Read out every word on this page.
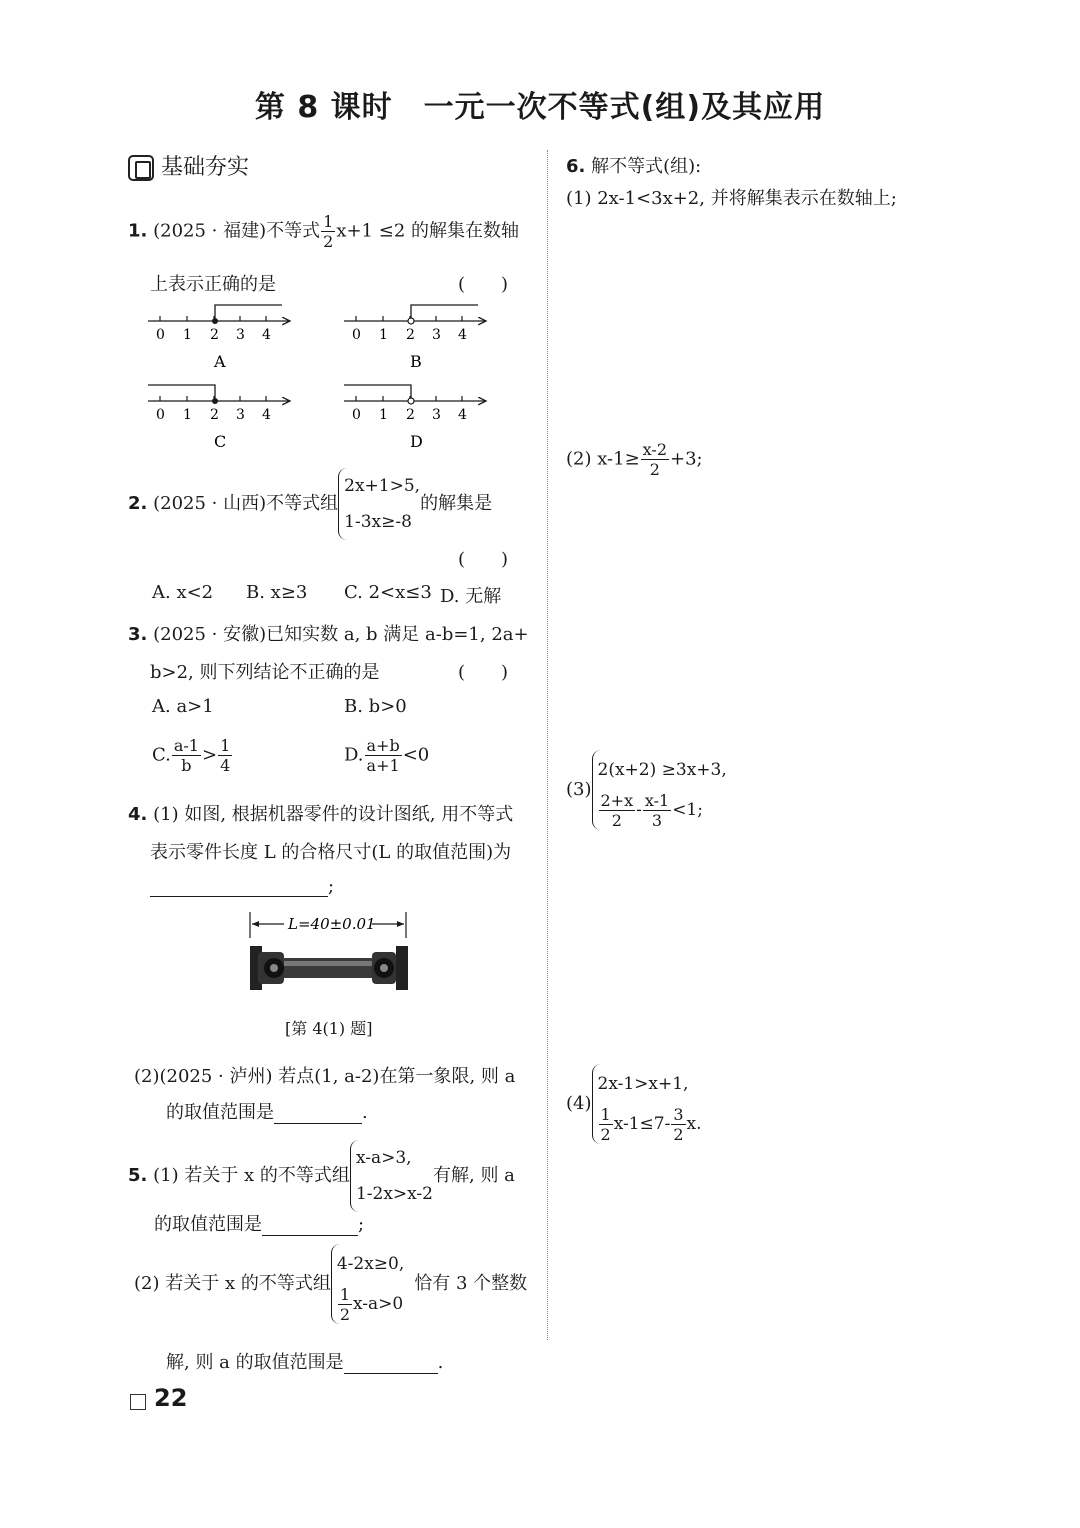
第 8 课时　一元一次不等式(组)及其应用
基础夯实
1. (2025 · 福建)不等式 $\frac{1}{2} x+1 \le 2$ 的解集在数轴
上表示正确的是	(　　)
0 1 2 3 4
A
0 1 2 3 4
B
0 1 2 3 4
C
0 1 2 3 4
D
2. (2025 · 山西)不等式组2x+1>5,
1-3x≥-8的解集是
(　　)
A. x<2 B. x≥3 C. 2<x≤3 D. 无解
3. (2025 · 安徽)已知实数 a, b 满足 a-b=1, 2a+
b>2, 则下列结论不正确的是	(　　)
A. a>1	B. b>0
C. $\frac{a-1}{b} > \frac{1}{4}$	D. $\frac{a+b}{a+1} <0$
4. (1) 如图, 根据机器零件的设计图纸, 用不等式
表示零件长度 L 的合格尺寸(L 的取值范围)为
;
L=40±0.01
[第 4(1) 题]
(2)(2025 · 泸州) 若点(1, a-2)在第一象限, 则 a
的取值范围是	.
5. (1) 若关于 x 的不等式组x-a>3,
1-2x>x-2有解, 则 a
的取值范围是	;
(2) 若关于 x 的不等式组4-2x≥0,

$\frac{1}{2} x-a>0$恰有 3 个整数
解, 则 a 的取值范围是	.
22
6. 解不等式(组):
(1) 2x-1<3x+2, 并将解集表示在数轴上;
(2) $x-1\ge \frac{x-2}{2} +3$;
(3)2(x+2) ≥3x+3,

$\frac{2+x}{2} - \frac{x-1}{3} <1$;
(4)2x-1>x+1,

$\frac{1}{2} x-1\le 7- \frac{3}{2} x$.
